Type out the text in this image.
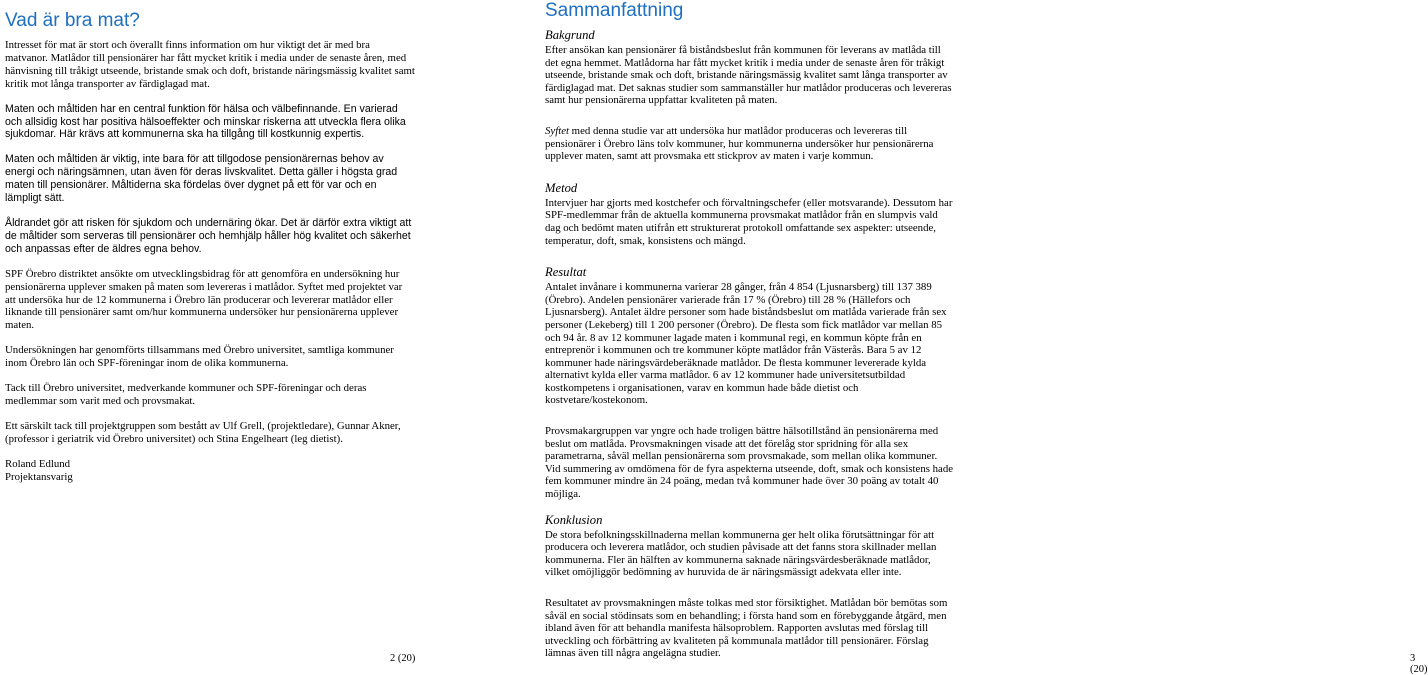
Vad är bra mat?

Intresset för mat är stort och överallt finns information om hur viktigt det är med bra matvanor. Matlådor till pensionärer har fått mycket kritik i media under de senaste åren, med hänvisning till tråkigt utseende, bristande smak och doft, bristande näringsmässig kvalitet samt kritik mot långa transporter av färdiglagad mat.

Maten och måltiden har en central funktion för hälsa och välbefinnande. En varierad och allsidig kost har positiva hälsoeffekter och minskar riskerna att utveckla flera olika sjukdomar. Här krävs att kommunerna ska ha tillgång till kostkunnig expertis.

Maten och måltiden är viktig, inte bara för att tillgodose pensionärernas behov av energi och näringsämnen, utan även för deras livskvalitet. Detta gäller i högsta grad maten till pensionärer. Måltiderna ska fördelas över dygnet på ett för var och en lämpligt sätt.

Åldrandet gör att risken för sjukdom och undernäring ökar. Det är därför extra viktigt att de måltider som serveras till pensionärer och hemhjälp håller hög kvalitet och säkerhet och anpassas efter de äldres egna behov.

SPF Örebro distriktet ansökte om utvecklingsbidrag för att genomföra en undersökning hur pensionärerna upplever smaken på maten som levereras i matlådor. Syftet med projektet var att undersöka hur de 12 kommunerna i Örebro län producerar och levererar matlådor eller liknande till pensionärer samt om/hur kommunerna undersöker hur pensionärerna upplever maten.

Undersökningen har genomförts tillsammans med Örebro universitet, samtliga kommuner inom Örebro län och SPF-föreningar inom de olika kommunerna.

Tack till Örebro universitet, medverkande kommuner och SPF-föreningar och deras medlemmar som varit med och provsmakat.

Ett särskilt tack till projektgruppen som bestått av Ulf Grell, (projektledare), Gunnar Akner, (professor i geriatrik vid Örebro universitet) och Stina Engelheart (leg dietist).

Roland Edlund

Projektansvarig

2 (20)	3 (20)
Sammanfattning
Bakgrund

Efter ansökan kan pensionärer få biståndsbeslut från kommunen för leverans av matlåda till det egna hemmet. Matlådorna har fått mycket kritik i media under de senaste åren för tråkigt utseende, bristande smak och doft, bristande näringsmässig kvalitet samt långa transporter av färdiglagad mat. Det saknas studier som sammanställer hur matlådor produceras och levereras samt hur pensionärerna uppfattar kvaliteten på maten.

Syftet med denna studie var att undersöka hur matlådor produceras och levereras till pensionärer i Örebro läns tolv kommuner, hur kommunerna undersöker hur pensionärerna upplever maten, samt att provsmaka ett stickprov av maten i varje kommun.

Metod

Intervjuer har gjorts med kostchefer och förvaltningschefer (eller motsvarande). Dessutom har SPF-medlemmar från de aktuella kommunerna provsmakat matlådor från en slumpvis vald dag och bedömt maten utifrån ett strukturerat protokoll omfattande sex aspekter: utseende, temperatur, doft, smak, konsistens och mängd.

Resultat

Antalet invånare i kommunerna varierar 28 gånger, från 4 854 (Ljusnarsberg) till 137 389 (Örebro). Andelen pensionärer varierade från 17 % (Örebro) till 28 % (Hällefors och Ljusnarsberg). Antalet äldre personer som hade biståndsbeslut om matlåda varierade från sex personer (Lekeberg) till 1 200 personer (Örebro). De flesta som fick matlådor var mellan 85 och 94 år. 8 av 12 kommuner lagade maten i kommunal regi, en kommun köpte från en entreprenör i kommunen och tre kommuner köpte matlådor från Västerås. Bara 5 av 12 kommuner hade näringsvärdeberäknade matlådor. De flesta kommuner levererade kylda alternativt kylda eller varma matlådor. 6 av 12 kommuner hade universitetsutbildad kostkompetens i organisationen, varav en kommun hade både dietist och kostvetare/kostekonom.

Provsmakargruppen var yngre och hade troligen bättre hälsotillstånd än pensionärerna med beslut om matlåda. Provsmakningen visade att det förelåg stor spridning för alla sex parametrarna, såväl mellan pensionärerna som provsmakade, som mellan olika kommuner. Vid summering av omdömena för de fyra aspekterna utseende, doft, smak och konsistens hade fem kommuner mindre än 24 poäng, medan två kommuner hade över 30 poäng av totalt 40 möjliga.

Konklusion

De stora befolkningsskillnaderna mellan kommunerna ger helt olika förutsättningar för att producera och leverera matlådor, och studien påvisade att det fanns stora skillnader mellan kommunerna. Fler än hälften av kommunerna saknade näringsvärdesberäknade matlådor, vilket omöjliggör bedömning av huruvida de är näringsmässigt adekvata eller inte.

Resultatet av provsmakningen måste tolkas med stor försiktighet. Matlådan bör bemötas som såväl en social stödinsats som en behandling; i första hand som en förebyggande åtgärd, men ibland även för att behandla manifesta hälsoproblem. Rapporten avslutas med förslag till utveckling och förbättring av kvaliteten på kommunala matlådor till pensionärer. Förslag lämnas även till några angelägna studier.
